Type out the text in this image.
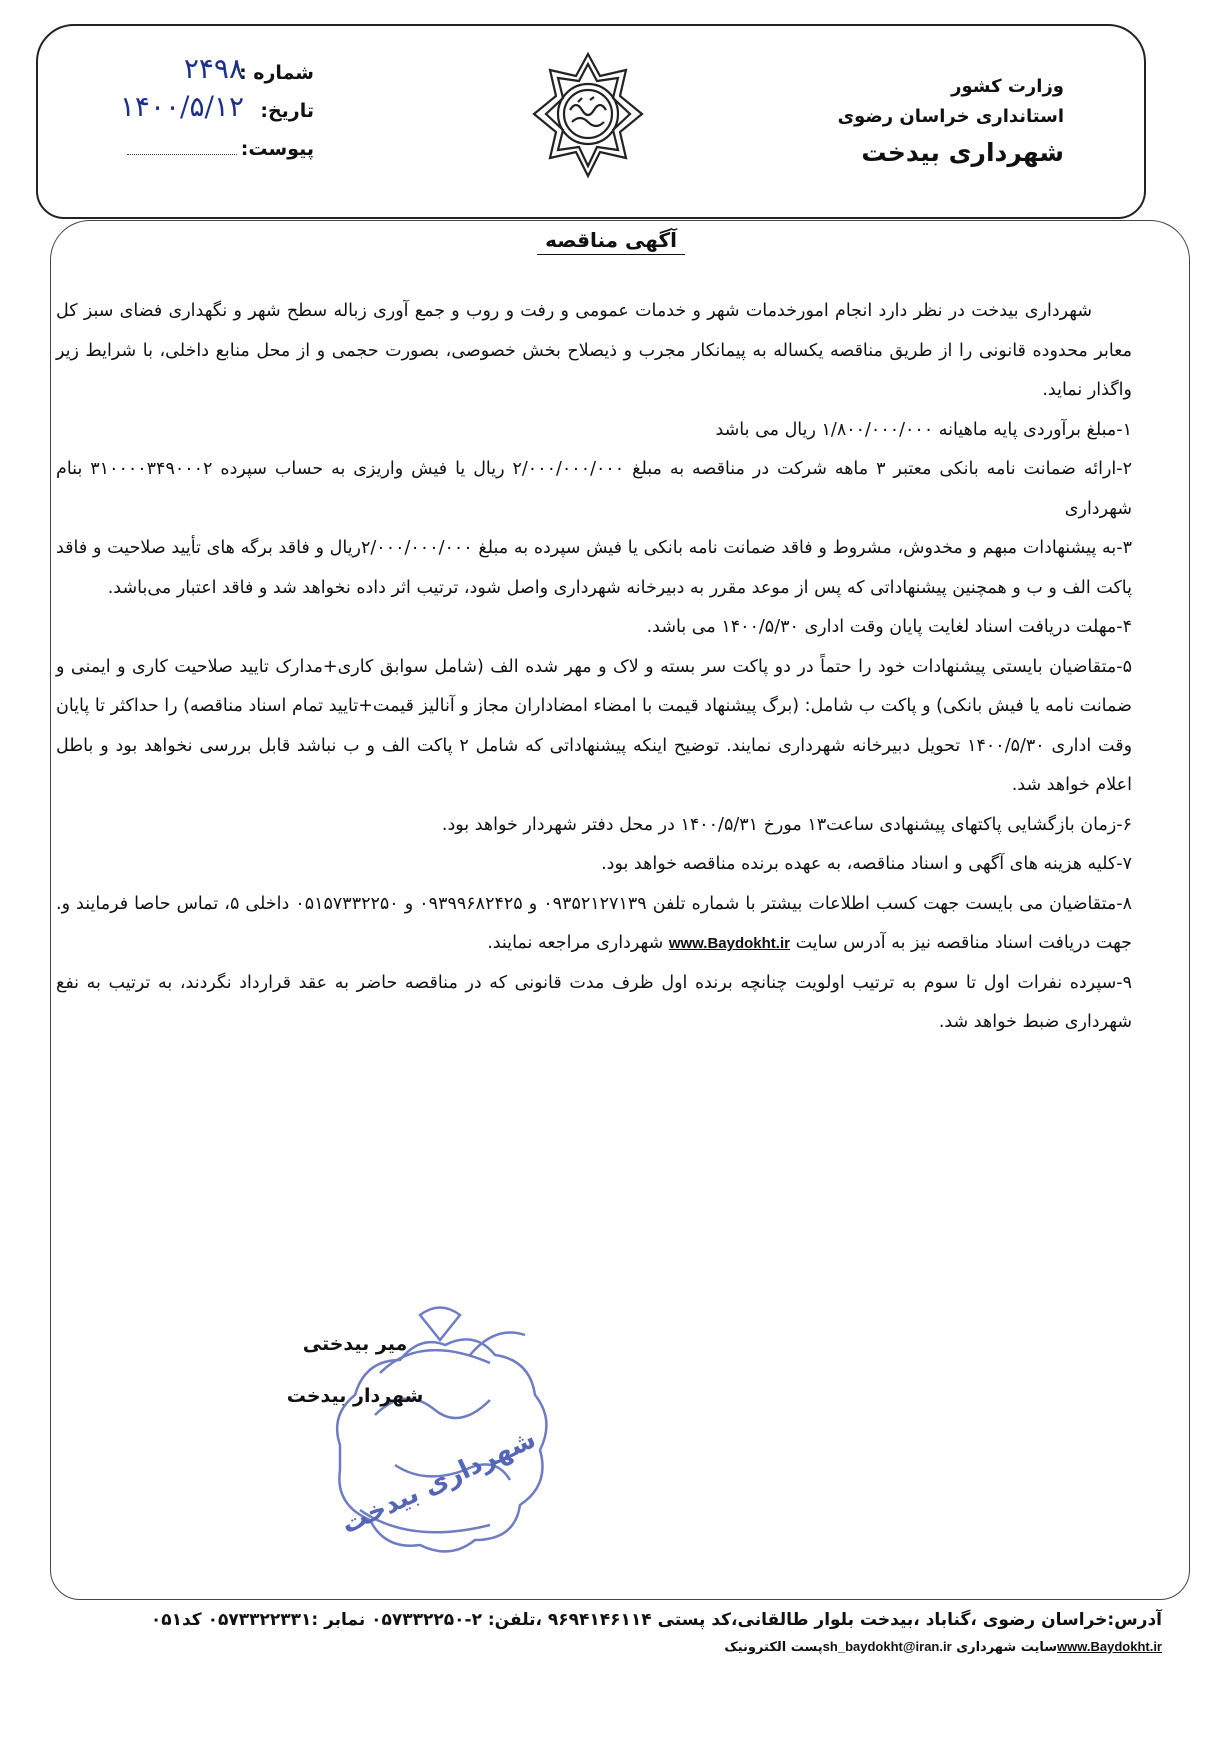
وزارت کشور
استانداری خراسان رضوی
شهرداری بیدخت
شماره :
۲۴۹۸
تاریخ:
۱۴۰۰/۵/۱۲
پیوست:
آگهی مناقصه

شهرداری بیدخت در نظر دارد انجام امورخدمات شهر و خدمات عمومی و رفت و روب و جمع آوری زباله سطح شهر و نگهداری فضای سبز کل معابر محدوده قانونی را از طریق مناقصه یکساله به پیمانکار مجرب و ذیصلاح بخش خصوصی، بصورت حجمی و از محل منابع داخلی، با شرایط زیر واگذار نماید.

۱-مبلغ برآوردی پایه ماهیانه ۱/۸۰۰/۰۰۰/۰۰۰ ریال می باشد

۲-ارائه ضمانت نامه بانکی معتبر ۳ ماهه شرکت در مناقصه به مبلغ ۲/۰۰۰/۰۰۰/۰۰۰ ریال یا فیش واریزی به حساب سپرده ۳۱۰۰۰۰۳۴۹۰۰۰۲ بنام شهرداری

۳-به پیشنهادات مبهم و مخدوش، مشروط و فاقد ضمانت نامه بانکی یا فیش سپرده به مبلغ ۲/۰۰۰/۰۰۰/۰۰۰ریال و فاقد برگه های تأیید صلاحیت و فاقد پاکت الف و ب و همچنین پیشنهاداتی که پس از موعد مقرر به دبیرخانه شهرداری واصل شود، ترتیب اثر داده نخواهد شد و فاقد اعتبار می‌باشد.

۴-مهلت دریافت اسناد لغایت پایان وقت اداری ۱۴۰۰/۵/۳۰ می باشد.

۵-متقاضیان بایستی پیشنهادات خود را حتماً در دو پاکت سر بسته و لاک و مهر شده الف (شامل سوابق کاری+مدارک تایید صلاحیت کاری و ایمنی و ضمانت نامه یا فیش بانکی) و پاکت ب شامل: (برگ پیشنهاد قیمت با امضاء امضاداران مجاز و آنالیز قیمت+تایید تمام اسناد مناقصه) را حداکثر تا پایان وقت اداری ۱۴۰۰/۵/۳۰ تحویل دبیرخانه شهرداری نمایند. توضیح اینکه پیشنهاداتی که شامل ۲ پاکت الف و ب نباشد قابل بررسی نخواهد بود و باطل اعلام خواهد شد.

۶-زمان بازگشایی پاکتهای پیشنهادی ساعت۱۳ مورخ ۱۴۰۰/۵/۳۱ در محل دفتر شهردار خواهد بود.

۷-کلیه هزینه های آگهی و اسناد مناقصه، به عهده برنده مناقصه خواهد بود.

۸-متقاضیان می بایست جهت کسب اطلاعات بیشتر با شماره تلفن ۰۹۳۵۲۱۲۷۱۳۹ و ۰۹۳۹۹۶۸۲۴۲۵ و ۰۵۱۵۷۳۳۲۲۵۰ داخلی ۵، تماس حاصا فرمایند و. جهت دریافت اسناد مناقصه نیز به آدرس سایت www.Baydokht.ir شهرداری مراجعه نمایند.

۹-سپرده نفرات اول تا سوم به ترتیب اولویت چنانچه برنده اول ظرف مدت قانونی که در مناقصه حاضر به عقد قرارداد نگردند، به ترتیب به نفع شهرداری ضبط خواهد شد.

شهرداری بیدخت
میر بیدختی
شهردار بیدخت
آدرس:خراسان رضوی ،گناباد ،بیدخت بلوار طالقانی،کد پستی ۹۶۹۴۱۴۶۱۱۴ ،تلفن: ۲-۰۵۷۳۳۲۲۵۰ نمابر :۰۵۷۳۳۲۲۳۳۱ کد۰۵۱
www.Baydokht.irسایت شهرداری sh_baydokht@iran.irپست الکترونیک
